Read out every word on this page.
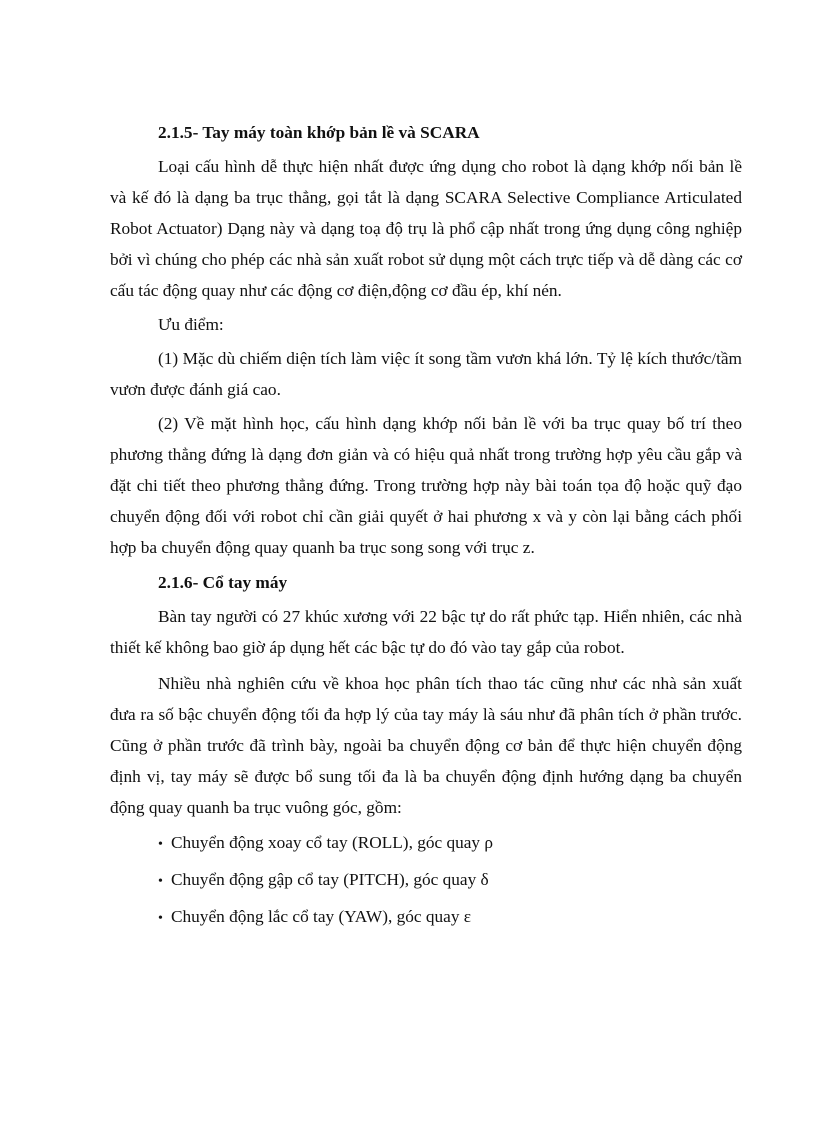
2.1.5- Tay máy toàn khớp bản lề và SCARA

Loại cấu hình dễ thực hiện nhất được ứng dụng cho robot là dạng khớp nối bản lề và kế đó là dạng ba trục thẳng, gọi tắt là dạng SCARA Selective Compliance Articulated Robot Actuator) Dạng này và dạng toạ độ trụ là phổ cập nhất trong ứng dụng công nghiệp bởi vì chúng cho phép các nhà sản xuất robot sử dụng một cách trực tiếp và dễ dàng các cơ cấu tác động quay như các động cơ điện,động cơ đầu ép, khí nén.

Ưu điểm:

(1) Mặc dù chiếm diện tích làm việc ít song tầm vươn khá lớn. Tỷ lệ kích thước/tầm vươn được đánh giá cao.

(2) Về mặt hình học, cấu hình dạng khớp nối bản lề với ba trục quay bố trí theo phương thẳng đứng là dạng đơn giản và có hiệu quả nhất trong trường hợp yêu cầu gắp và đặt chi tiết theo phương thẳng đứng. Trong trường hợp này bài toán tọa độ hoặc quỹ đạo chuyển động đối với robot chỉ cần giải quyết ở hai phương x và y còn lại bằng cách phối hợp ba chuyển động quay quanh ba trục song song với trục z.

2.1.6- Cổ tay máy

Bàn tay người có 27 khúc xương với 22 bậc tự do rất phức tạp. Hiển nhiên, các nhà thiết kế không bao giờ áp dụng hết các bậc tự do đó vào tay gắp của robot.

Nhiều nhà nghiên cứu về khoa học phân tích thao tác cũng như các nhà sản xuất đưa ra số bậc chuyển động tối đa hợp lý của tay máy là sáu như đã phân tích ở phần trước. Cũng ở phần trước đã trình bày, ngoài ba chuyển động cơ bản để thực hiện chuyển động định vị, tay máy sẽ được bổ sung tối đa là ba chuyển động định hướng dạng ba chuyển động quay quanh ba trục vuông góc, gồm:

• Chuyển động xoay cổ tay (ROLL), góc quay ρ
• Chuyển động gập cổ tay (PITCH), góc quay δ
• Chuyển động lắc cổ tay (YAW), góc quay ε
